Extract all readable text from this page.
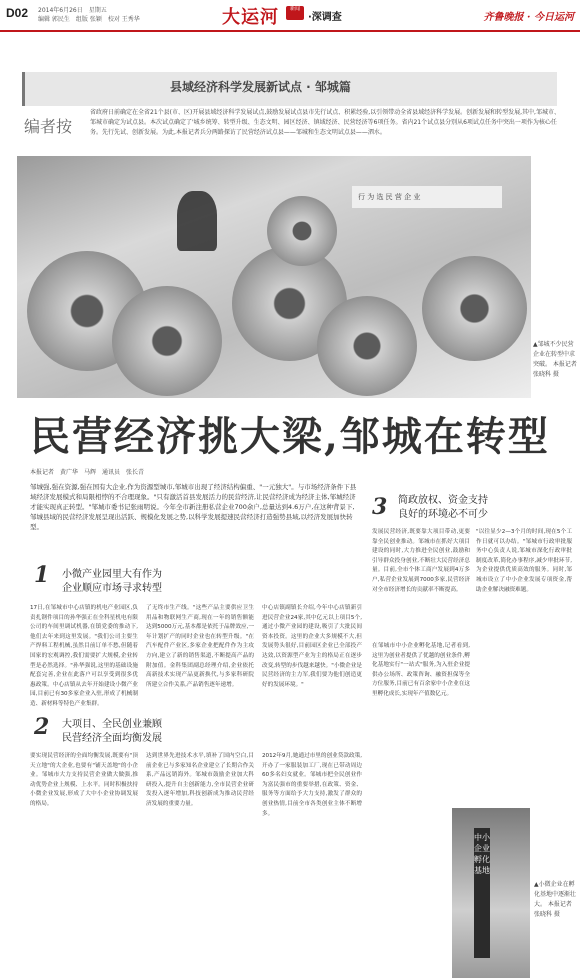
D02 2014年6月26日　星期五
编辑 郭民生　组版 张颖　校对 王秀华	大运河	新闻
·深调查	齐鲁晚报 · 今日运河
县域经济科学发展新试点 · 邹城篇
编者按
省政府日前确定在全省21个县(市、区)开展县域经济科学发展试点,鼓励发展试点县市先行试点、积累经验,以引领带动全省县域经济科学发展。创新发展和转型发展,其中,邹城市、邹城市确定为试点县。本次试点确定了'城乡统筹、转型升级、生态文明、园区经济、镇域经济、民营经济等6项任务。省内21个试点县分别从6项试点任务中突出一项作为核心任务。先行先试、创新发展。为此,本报记者兵分两路探访了民营经济试点县——邹城和生态文明试点县——泗水。
行 为 选 民 营 企 业
▲邹城不少民营企业在转型中求突破。 本报记者 张晓科 摄
民营经济挑大梁,邹城在转型
本报记者　黄广华　马辉　通讯员　张长青
邹城强,强在资源,强在国有大企业,作为资源型城市,邹城市出现了经济结构偏重、"一元独大"。与市场经济条件下县域经济发展模式和局限相悖的不合理现象。"只有激活首县发展活力的民营经济,让民营经济成为经济主体,邹城经济才能实现真正转型。"邹城市委书记张雨明说。今年全市新注册私营企业700余户,总量达到4.6万户,在这种背景下,邹城县域的民营经济发展呈现出活跃、规模化发展之势,以科学发展提速民营经济打造强势县域,以经济发展加快转型。
1 小微产业园里大有作为
企业顺应市场寻求转型
2 大项目、全民创业兼顾
民营经济全面均衡发展
3 简政放权、资金支持
良好的环境必不可少
17日,在邹城市中心店镇的机电产业园区,负责扎钢件项目的孙华强正在全科星机电有限公司的车间里调试机器,在镇党委的推动下,他们去年来到这里发展。"我们公司主要生产焊料工程机械,虽然目前订单不愁,但随着国家的宏观调控,我们需要扩大规模,企业转型是必然选择。"孙华强说,这里的基础设施配套完善,企业在此落户可以享受到很多优惠政策。中心店镇从去年开始建设小微产业园,目前已有30多家企业入驻,形成了机械制造、新材料等特色产业集群。
了无终市生产线。"这些产品主要供应卫生用品和物联网生产商,现在一年的销售额能达到5000万元,基本都是依托于品牌效应,一年计划扩产的同时企业也在转型升级。"在汽车配件产业区,多家企业把配件作为主攻方向,建立了新的销售渠道,不断提高产品的附加值。金科集团副总经理介绍,企业依托高新技术实现产品更新换代,与多家科研院所建立合作关系,产品销售逐年递增。
中心店镇副镇长介绍,今年中心店镇新引进民营企业24家,其中亿元以上项目5个,通过小微产业园的建设,吸引了大批民间资本投资。这里的企业大多规模不大,但发展势头很好,目前园区企业已全部投产达效,以资源型产业为主的格局正在逐步改变,转型的步伐越来越快。"小微企业是民营经济的主力军,我们要为他们创造更好的发展环境。"
发展民营经济,既要靠大项目带动,更要靠全民创业推动。邹城市在抓好大项目建设的同时,大力推进全民创业,鼓励和引导群众投身创业,不断壮大民营经济总量。目前,全市个体工商户发展到4万多户,私营企业发展到7000多家,民营经济对全市经济增长的贡献率不断提高。
"以往显少2—3个月的时间,现在5个工作日就可以办结。"邹城市行政审批服务中心负责人说,邹城市深化行政审批制度改革,简化办事程序,减少审批环节,为企业提供优质高效的服务。同时,邹城市设立了中小企业发展专项资金,帮助企业解决融资难题。
在邹城市中小企业孵化基地,记者看到,这里为创业者提供了优越的创业条件,孵化基地实行"一站式"服务,为入驻企业提供办公场所、政策咨询、融资担保等全方位服务,目前已有百余家中小企业在这里孵化成长,实现年产值数亿元。
要实现民营经济的全面均衡发展,既要有"顶天立地"的大企业,也要有"铺天盖地"的小企业。邹城市大力支持民营企业做大做强,推动优势企业上规模、上水平。同时积极扶持小微企业发展,形成了大中小企业协调发展的格局。
达到世界先进技术水平,填补了国内空白,目前企业已与多家知名企业建立了长期合作关系,产品远销海外。邹城市鼓励企业加大科研投入,提升自主创新能力,全市民营企业研发投入逐年增加,科技创新成为推动民营经济发展的重要力量。
2012年9月,她通过市里的创业贷款政策,开办了一家服装加工厂,现在已带动周边60多名妇女就业。邹城市把全民创业作为富民强市的重要举措,在政策、资金、服务等方面给予大力支持,激发了群众的创业热情,目前全市各类创业主体不断增多。
中小企业孵化基地
▲小微企业在孵化基地中逐渐壮大。 本报记者 张晓科 摄
